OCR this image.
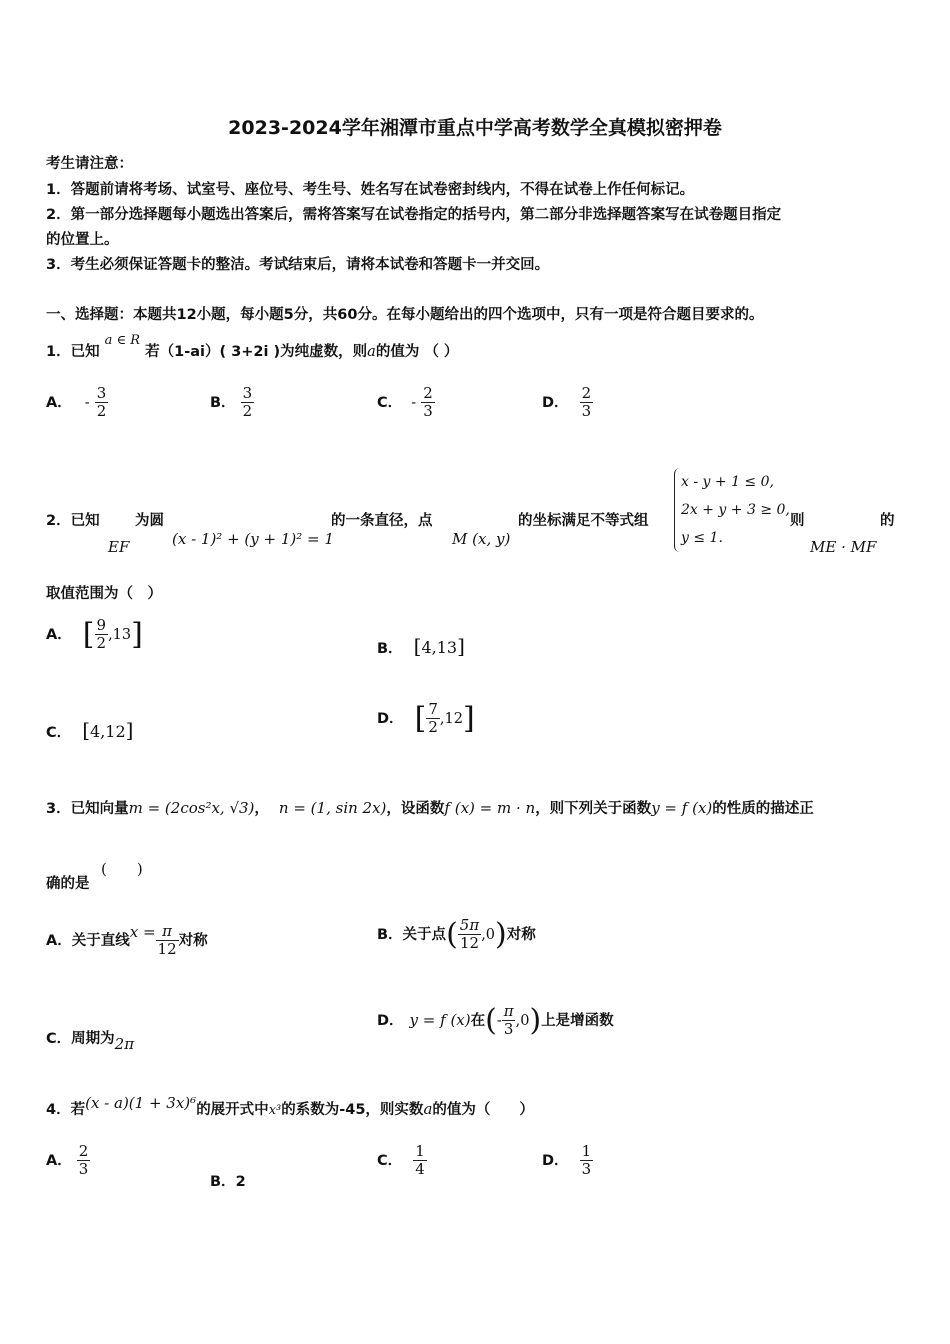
2023-2024学年湘潭市重点中学高考数学全真模拟密押卷
考生请注意：
1．答题前请将考场、试室号、座位号、考生号、姓名写在试卷密封线内，不得在试卷上作任何标记。
2．第一部分选择题每小题选出答案后，需将答案写在试卷指定的括号内，第二部分非选择题答案写在试卷题目指定
的位置上。
3．考生必须保证答题卡的整洁。考试结束后，请将本试卷和答题卡一并交回。
一、选择题：本题共12小题，每小题5分，共60分。在每小题给出的四个选项中，只有一项是符合题目要求的。
1．已知 a ∈ R 若（1-ai）( 3+2i )为纯虚数，则a的值为 （ ）
A． - $\frac{3}{2}$	B． $\frac{3}{2}$	C． - $\frac{2}{3}$	D． $\frac{2}{3}$
2．已知
EF
为圆
(x - 1)² + (y + 1)² = 1
的一条直径，点
M (x, y)
的坐标满足不等式组
x - y + 1 ≤ 0,
2x + y + 3 ≥ 0,
y ≤ 1.
则
ME · MF
的
取值范围为（　）
A． [ $\frac{9}{2} ,13$]	B． [4,13]
C． [4,12]	D． [ $\frac{7}{2} ,12$]
3．已知向量m = (2cos²x, √3)， n = (1, sin 2x)，设函数f (x) = m · n，则下列关于函数y = f (x)的性质的描述正
确的是
(　　)
A．关于直线$x = \frac{\pi}{12}$ 对称	B．关于点( $\frac{5\pi}{12} ,0$)对称
C．周期为2π
D． y = f (x)在(- $\frac{\pi}{3} ,0$)上是增函数
4．若(x - a)(1 + 3x)⁶的展开式中x³的系数为-45，则实数a的值为（　　）
A． $\frac{2}{3}$
B．2
C． $\frac{1}{4}$	D． $\frac{1}{3}$
